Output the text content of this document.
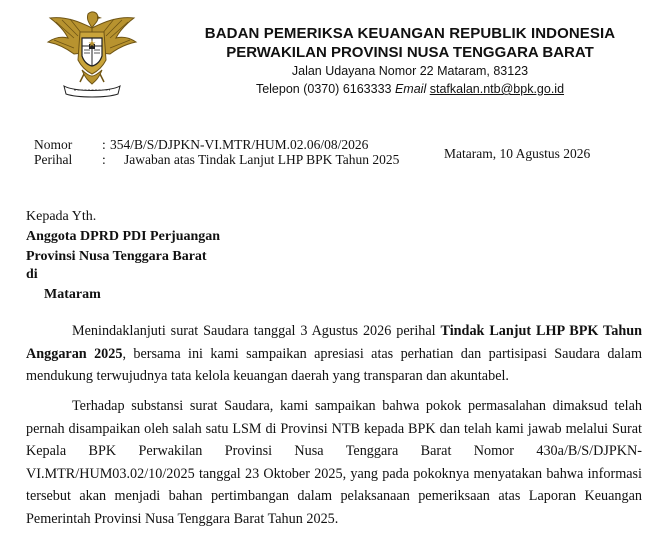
BADAN PEMERIKSA KEUANGAN REPUBLIK INDONESIA
PERWAKILAN PROVINSI NUSA TENGGARA BARAT
Jalan Udayana Nomor 22 Mataram, 83123
Telepon (0370) 6163333 Email stafkalan.ntb@bpk.go.id
Nomor : 354/B/S/DJPKN-VI.MTR/HUM.02.06/08/2026
Perihal : Jawaban atas Tindak Lanjut LHP BPK Tahun 2025	Mataram, 10 Agustus 2026
Kepada Yth.
Anggota DPRD PDI Perjuangan
Provinsi Nusa Tenggara Barat
di
Mataram
Menindaklanjuti surat Saudara tanggal 3 Agustus 2026 perihal Tindak Lanjut LHP BPK Tahun Anggaran 2025, bersama ini kami sampaikan apresiasi atas perhatian dan partisipasi Saudara dalam mendukung terwujudnya tata kelola keuangan daerah yang transparan dan akuntabel.
Terhadap substansi surat Saudara, kami sampaikan bahwa pokok permasalahan dimaksud telah pernah disampaikan oleh salah satu LSM di Provinsi NTB kepada BPK dan telah kami jawab melalui Surat Kepala BPK Perwakilan Provinsi Nusa Tenggara Barat Nomor 430a/B/S/DJPKN-VI.MTR/HUM03.02/10/2025 tanggal 23 Oktober 2025, yang pada pokoknya menyatakan bahwa informasi tersebut akan menjadi bahan pertimbangan dalam pelaksanaan pemeriksaan atas Laporan Keuangan Pemerintah Provinsi Nusa Tenggara Barat Tahun 2025.
